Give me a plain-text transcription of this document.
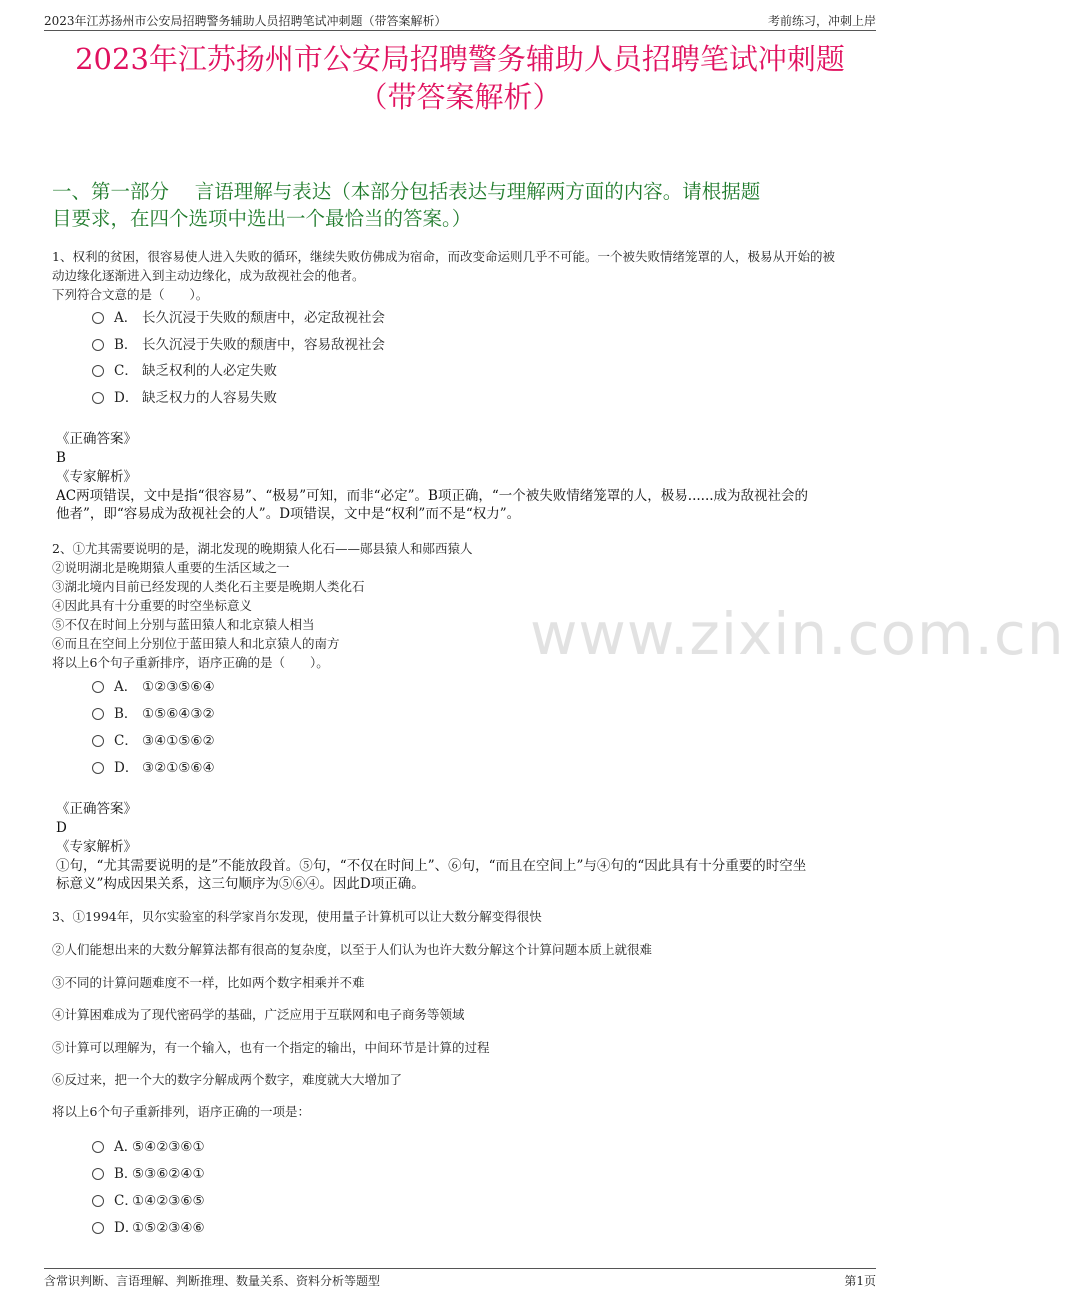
2023年江苏扬州市公安局招聘警务辅助人员招聘笔试冲刺题（带答案解析）	考前练习，冲刺上岸
2023年江苏扬州市公安局招聘警务辅助人员招聘笔试冲刺题
（带答案解析）
一、第一部分　 言语理解与表达（本部分包括表达与理解两方面的内容。请根据题
目要求，在四个选项中选出一个最恰当的答案。）
www.zixin.com.cn
1、权利的贫困，很容易使人进入失败的循环，继续失败仿佛成为宿命，而改变命运则几乎不可能。一个被失败情绪笼罩的人，极易从开始的被
动边缘化逐渐进入到主动边缘化，成为敌视社会的他者。
下列符合文意的是（　　）。
A． 长久沉浸于失败的颓唐中，必定敌视社会
B． 长久沉浸于失败的颓唐中，容易敌视社会
C． 缺乏权利的人必定失败
D． 缺乏权力的人容易失败
《正确答案》
B
《专家解析》
AC两项错误，文中是指“很容易”、“极易”可知，而非“必定”。B项正确，“一个被失败情绪笼罩的人，极易......成为敌视社会的
他者”，即“容易成为敌视社会的人”。D项错误，文中是“权利”而不是“权力”。
2、①尤其需要说明的是，湖北发现的晚期猿人化石——郧县猿人和郧西猿人
②说明湖北是晚期猿人重要的生活区域之一
③湖北境内目前已经发现的人类化石主要是晚期人类化石
④因此具有十分重要的时空坐标意义
⑤不仅在时间上分别与蓝田猿人和北京猿人相当
⑥而且在空间上分别位于蓝田猿人和北京猿人的南方
将以上6个句子重新排序，语序正确的是（　　）。
A． ①②③⑤⑥④
B． ①⑤⑥④③②
C． ③④①⑤⑥②
D． ③②①⑤⑥④
《正确答案》
D
《专家解析》
①句，“尤其需要说明的是”不能放段首。⑤句，“不仅在时间上”、⑥句，“而且在空间上”与④句的“因此具有十分重要的时空坐
标意义”构成因果关系，这三句顺序为⑤⑥④。因此D项正确。
3、①1994年，贝尔实验室的科学家肖尔发现，使用量子计算机可以让大数分解变得很快
②人们能想出来的大数分解算法都有很高的复杂度，以至于人们认为也许大数分解这个计算问题本质上就很难
③不同的计算问题难度不一样，比如两个数字相乘并不难
④计算困难成为了现代密码学的基础，广泛应用于互联网和电子商务等领域
⑤计算可以理解为，有一个输入，也有一个指定的输出，中间环节是计算的过程
⑥反过来，把一个大的数字分解成两个数字，难度就大大增加了
将以上6个句子重新排列，语序正确的一项是：
A．⑤④②③⑥①
B．⑤③⑥②④①
C．①④②③⑥⑤
D．①⑤②③④⑥
含常识判断、言语理解、判断推理、数量关系、资料分析等题型	第1页
